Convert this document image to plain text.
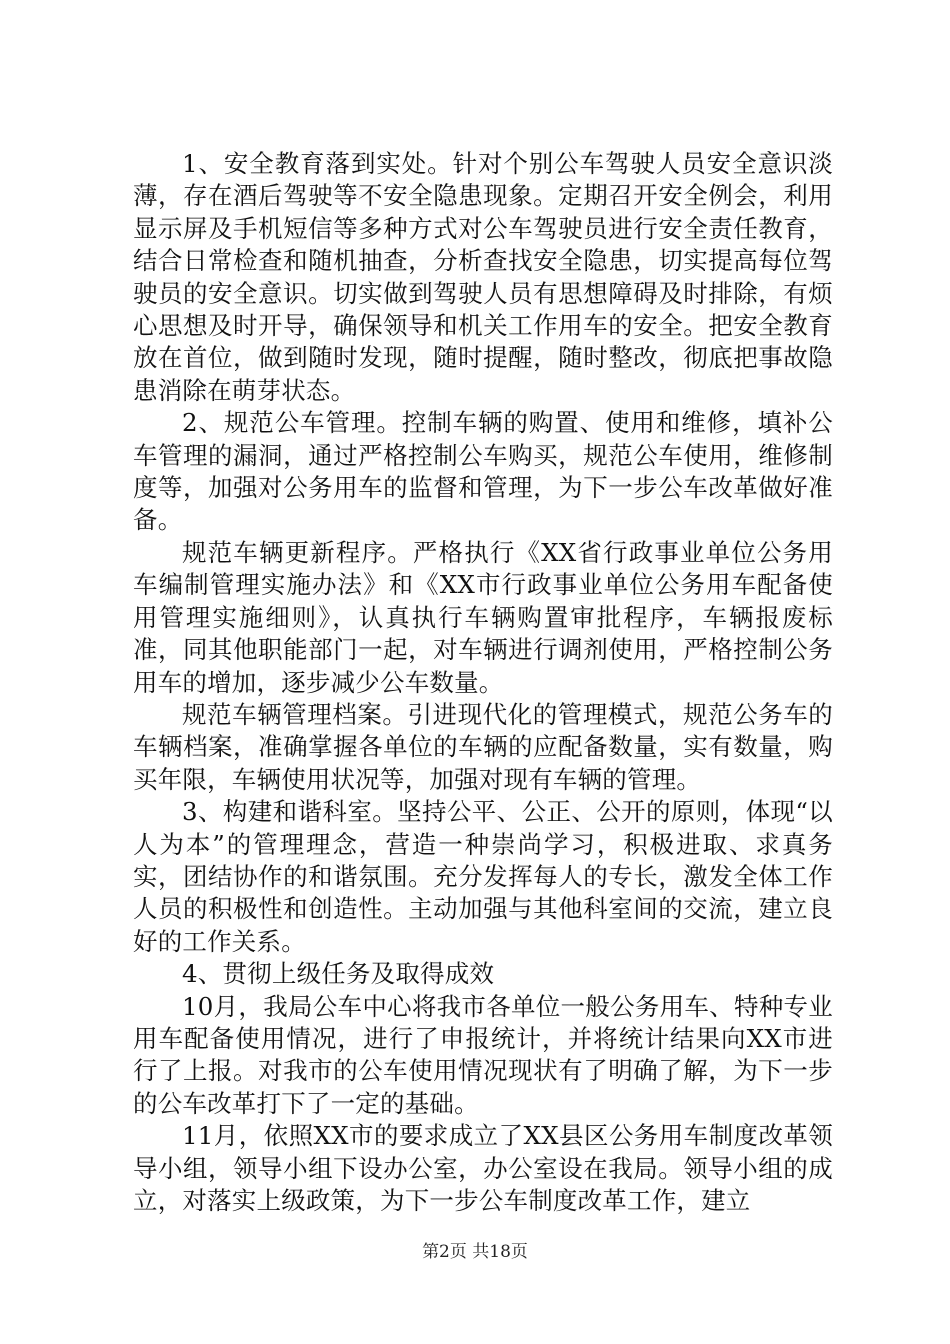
1、安全教育落到实处。针对个别公车驾驶人员安全意识淡薄，存在酒后驾驶等不安全隐患现象。定期召开安全例会，利用显示屏及手机短信等多种方式对公车驾驶员进行安全责任教育，结合日常检查和随机抽查，分析查找安全隐患，切实提高每位驾驶员的安全意识。切实做到驾驶人员有思想障碍及时排除，有烦心思想及时开导，确保领导和机关工作用车的安全。把安全教育放在首位，做到随时发现，随时提醒，随时整改，彻底把事故隐患消除在萌芽状态。

2、规范公车管理。控制车辆的购置、使用和维修，填补公车管理的漏洞，通过严格控制公车购买，规范公车使用，维修制度等，加强对公务用车的监督和管理，为下一步公车改革做好准备。

规范车辆更新程序。严格执行《XX省行政事业单位公务用车编制管理实施办法》和《XX市行政事业单位公务用车配备使用管理实施细则》，认真执行车辆购置审批程序，车辆报废标准，同其他职能部门一起，对车辆进行调剂使用，严格控制公务用车的增加，逐步减少公车数量。

规范车辆管理档案。引进现代化的管理模式，规范公务车的车辆档案，准确掌握各单位的车辆的应配备数量，实有数量，购买年限，车辆使用状况等，加强对现有车辆的管理。

3、构建和谐科室。坚持公平、公正、公开的原则，体现“以人为本”的管理理念，营造一种崇尚学习，积极进取、求真务实，团结协作的和谐氛围。充分发挥每人的专长，激发全体工作人员的积极性和创造性。主动加强与其他科室间的交流，建立良好的工作关系。

4、贯彻上级任务及取得成效

10月，我局公车中心将我市各单位一般公务用车、特种专业用车配备使用情况，进行了申报统计，并将统计结果向XX市进行了上报。对我市的公车使用情况现状有了明确了解，为下一步的公车改革打下了一定的基础。

11月，依照XX市的要求成立了XX县区公务用车制度改革领导小组，领导小组下设办公室，办公室设在我局。领导小组的成立，对落实上级政策，为下一步公车制度改革工作，建立

第2页 共18页
